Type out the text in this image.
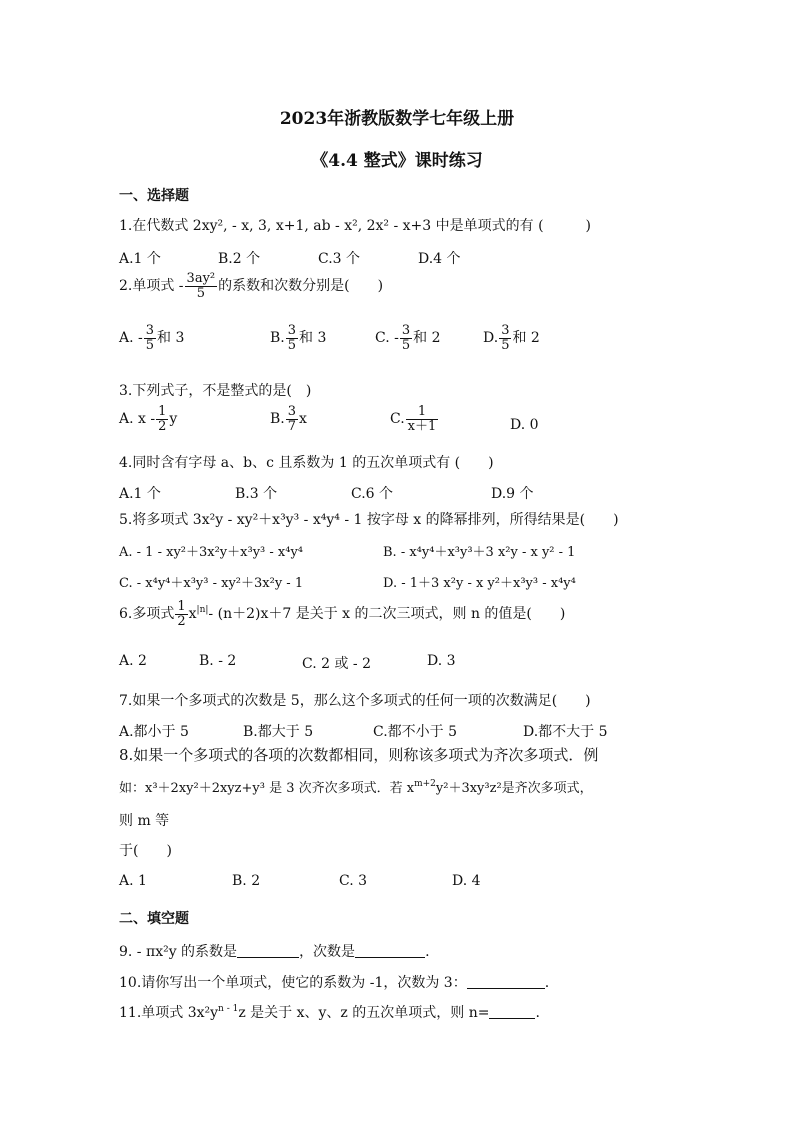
2023年浙教版数学七年级上册
《4.4 整式》课时练习
一、选择题
1.在代数式 2xy², - x, 3, x+1, ab - x², 2x² - x+3 中是单项式的有 (　　　)
A.1 个	B.2 个	C.3 个	D.4 个
2.单项式 - $\frac{\text{3ay²}}{5}$ 的系数和次数分别是(　　)
A. - $\frac{3}{5}$ 和 3	B. $\frac{3}{5}$ 和 3	C. - $\frac{3}{5}$ 和 2	D. $\frac{3}{5}$ 和 2
3.下列式子，不是整式的是(　)
A. x - $\frac{1}{2}$ y	B. $\frac{3}{7}$ x	C. $\frac{1}{x+1}$	D. 0
4.同时含有字母 a、b、c 且系数为 1 的五次单项式有 (　　)
A.1 个	B.3 个	C.6 个	D.9 个
5.将多项式 3x²y - xy²＋x³y³ - x⁴y⁴ - 1 按字母 x 的降幂排列，所得结果是(　　)
A. - 1 - xy²＋3x²y＋x³y³ - x⁴y⁴	B. - x⁴y⁴＋x³y³＋3 x²y - x y² - 1
C. - x⁴y⁴＋x³y³ - xy²＋3x²y - 1	D. - 1＋3 x²y - x y²＋x³y³ - x⁴y⁴
6.多项式 $\frac{1}{2} x^{|n|}-$ (n＋2)x＋7 是关于 x 的二次三项式，则 n 的值是(　　)
A. 2	B. - 2	C. 2 或 - 2	D. 3
7.如果一个多项式的次数是 5，那么这个多项式的任何一项的次数满足(　　)
A.都小于 5	B.都大于 5	C.都不小于 5	D.都不大于 5
8.如果一个多项式的各项的次数都相同，则称该多项式为齐次多项式．例
如：x³＋2xy²＋2xyz+y³ 是 3 次齐次多项式．若 $x^{m+2}y^2+3xy^3z^2$是齐次多项式，
则 m 等
于(　　)
A. 1	B. 2	C. 3	D. 4
二、填空题
9. - πx²y 的系数是	，次数是	.
10.请你写出一个单项式，使它的系数为 -1，次数为 3：	.
11.单项式 $3x^2y^{n - 1}z$ 是关于 x、y、z 的五次单项式，则 n=	.
